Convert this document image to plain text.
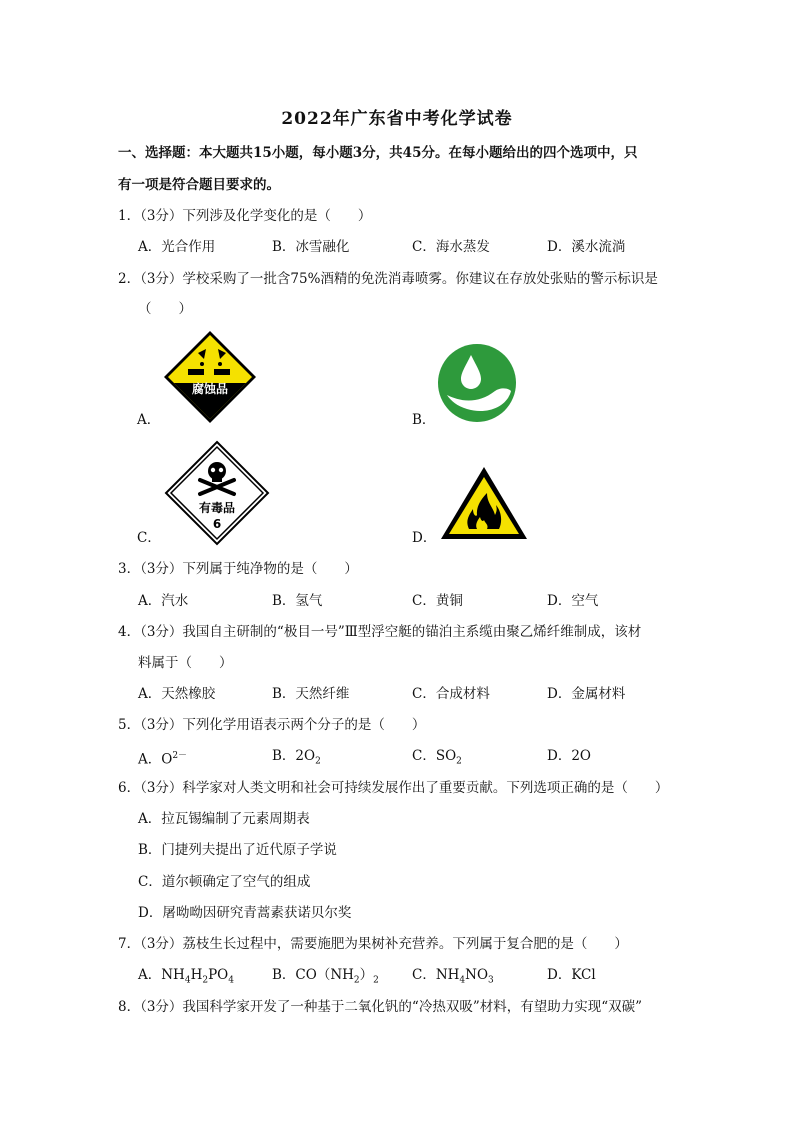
2022年广东省中考化学试卷
一、选择题：本大题共15小题，每小题3分，共45分。在每小题给出的四个选项中，只
有一项是符合题目要求的。
1．（3分）下列涉及化学变化的是（　　）
A．光合作用	B．冰雪融化	C．海水蒸发	D．溪水流淌
2．（3分）学校采购了一批含75%酒精的免洗消毒喷雾。你建议在存放处张贴的警示标识是
（　　）
腐蚀品
A．	B．
有毒品
6
C．	D．
3．（3分）下列属于纯净物的是（　　）
A．汽水	B．氢气	C．黄铜	D．空气
4．（3分）我国自主研制的“极目一号”Ⅲ型浮空艇的锚泊主系缆由聚乙烯纤维制成，该材
料属于（　　）
A．天然橡胶	B．天然纤维	C．合成材料	D．金属材料
5．（3分）下列化学用语表示两个分子的是（　　）
A．$O^{2-}$	B．$2O_2$	C．$SO_2$	D．2O
6．（3分）科学家对人类文明和社会可持续发展作出了重要贡献。下列选项正确的是（　　）
A．拉瓦锡编制了元素周期表
B．门捷列夫提出了近代原子学说
C．道尔顿确定了空气的组成
D．屠呦呦因研究青蒿素获诺贝尔奖
7．（3分）荔枝生长过程中，需要施肥为果树补充营养。下列属于复合肥的是（　　）
A．$NH_4H_2PO_4$	B．$CO(NH_2)_2$ C．$NH_4NO_3$	D．KCl
8．（3分）我国科学家开发了一种基于二氧化钒的“冷热双吸”材料，有望助力实现“双碳”
